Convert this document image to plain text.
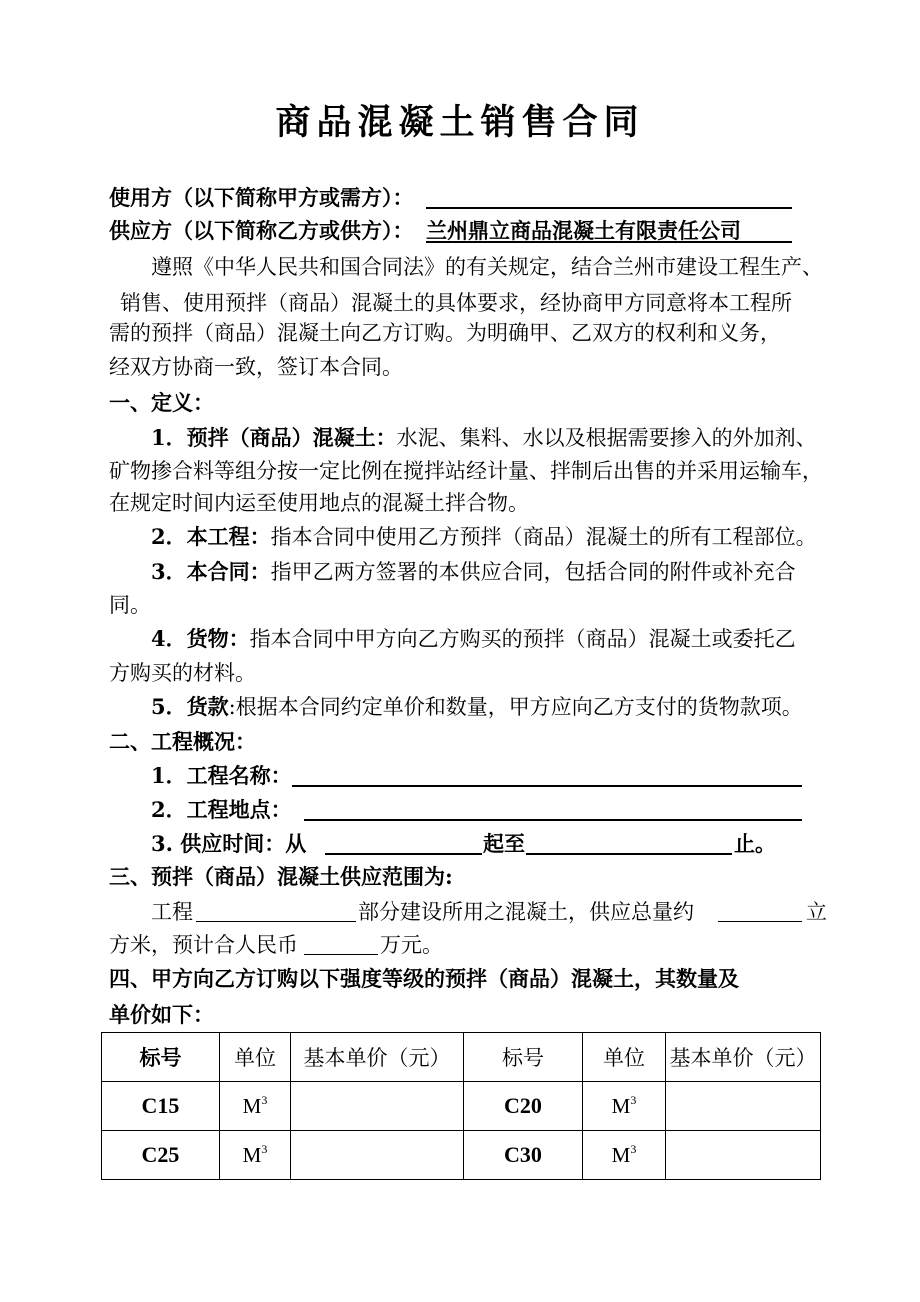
商品混凝土销售合同
使用方（以下简称甲方或需方）：
供应方（以下简称乙方或供方）： 兰州鼎立商品混凝土有限责任公司
遵照《中华人民共和国合同法》的有关规定，结合兰州市建设工程生产、
销售、使用预拌（商品）混凝土的具体要求，经协商甲方同意将本工程所
需的预拌（商品）混凝土向乙方订购。为明确甲、乙双方的权利和义务，
经双方协商一致，签订本合同。
一、定义：
1．预拌（商品）混凝土：水泥、集料、水以及根据需要掺入的外加剂、
矿物掺合料等组分按一定比例在搅拌站经计量、拌制后出售的并采用运输车，
在规定时间内运至使用地点的混凝土拌合物。
2．本工程：指本合同中使用乙方预拌（商品）混凝土的所有工程部位。
3．本合同：指甲乙两方签署的本供应合同，包括合同的附件或补充合
同。
4．货物：指本合同中甲方向乙方购买的预拌（商品）混凝土或委托乙
方购买的材料。
5．货款:根据本合同约定单价和数量，甲方应向乙方支付的货物款项。
二、工程概况：
1．工程名称：
2．工程地点：
3. 供应时间：从	起至	止。
三、预拌（商品）混凝土供应范围为:
工程	部分建设所用之混凝土，供应总量约	立
方米，预计合人民币	万元。
四、甲方向乙方订购以下强度等级的预拌（商品）混凝土，其数量及
单价如下：
标号	单位	基本单价（元）	标号	单位	基本单价（元）
C15	$M^3$		C20	$M^3$	
C25	$M^3$		C30	$M^3$	
